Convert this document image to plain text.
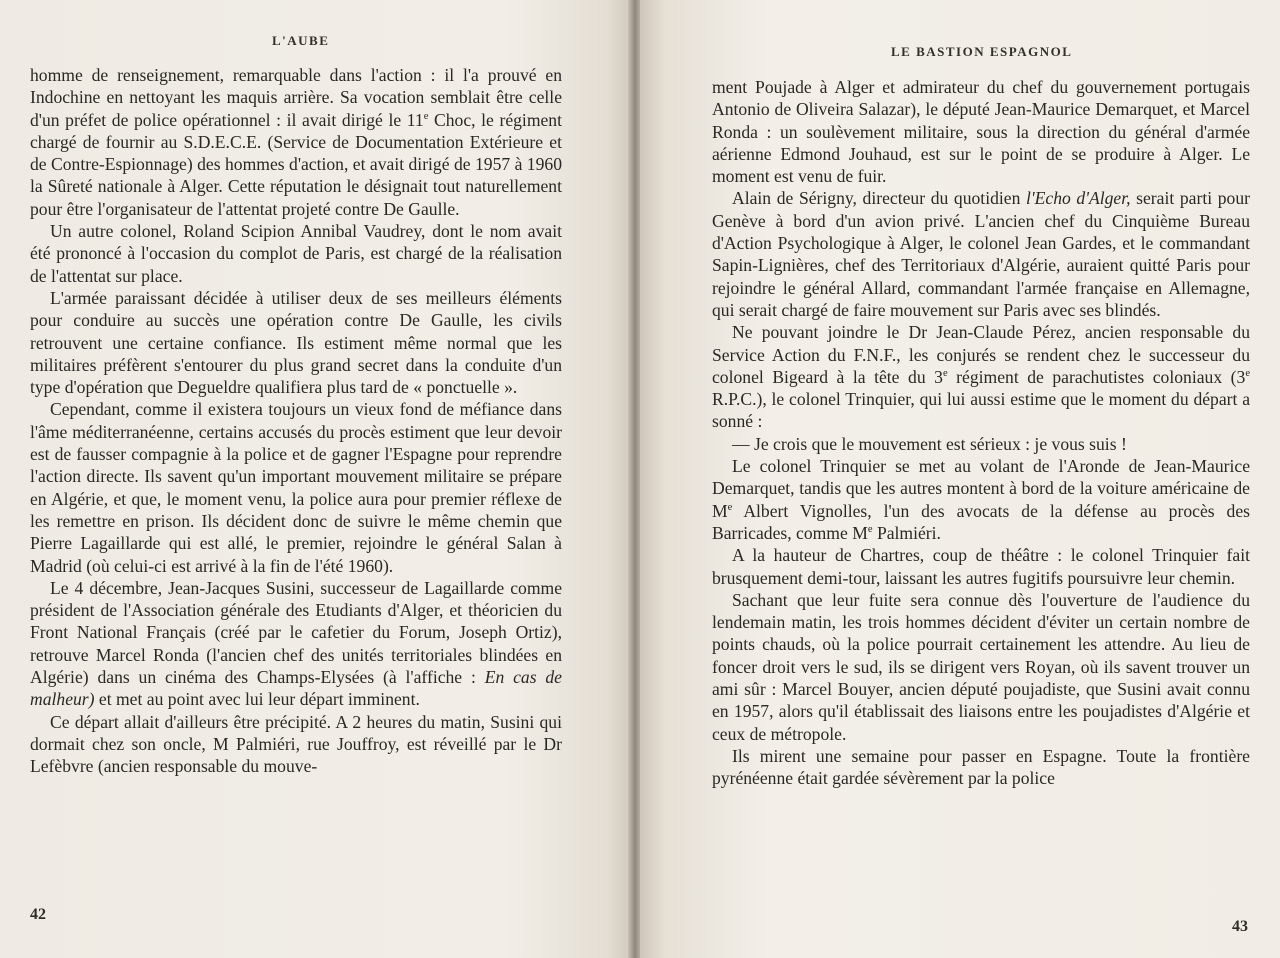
L'AUBE

homme de renseignement, remarquable dans l'action : il l'a prouvé en Indochine en nettoyant les maquis arrière. Sa vocation semblait être celle d'un préfet de police opérationnel : il avait dirigé le 11e Choc, le régiment chargé de fournir au S.D.E.C.E. (Service de Documentation Extérieure et de Contre-Espionnage) des hommes d'action, et avait dirigé de 1957 à 1960 la Sûreté nationale à Alger. Cette réputation le désignait tout naturellement pour être l'organisateur de l'attentat projeté contre De Gaulle.

Un autre colonel, Roland Scipion Annibal Vaudrey, dont le nom avait été prononcé à l'occasion du complot de Paris, est chargé de la réalisation de l'attentat sur place.

L'armée paraissant décidée à utiliser deux de ses meilleurs éléments pour conduire au succès une opération contre De Gaulle, les civils retrouvent une certaine confiance. Ils estiment même normal que les militaires préfèrent s'entourer du plus grand secret dans la conduite d'un type d'opération que Degueldre qualifiera plus tard de « ponctuelle ».

Cependant, comme il existera toujours un vieux fond de méfiance dans l'âme méditerranéenne, certains accusés du procès estiment que leur devoir est de fausser compagnie à la police et de gagner l'Espagne pour reprendre l'action directe. Ils savent qu'un important mouvement militaire se prépare en Algérie, et que, le moment venu, la police aura pour premier réflexe de les remettre en prison. Ils décident donc de suivre le même chemin que Pierre Lagaillarde qui est allé, le premier, rejoindre le général Salan à Madrid (où celui-ci est arrivé à la fin de l'été 1960).

Le 4 décembre, Jean-Jacques Susini, successeur de Lagaillarde comme président de l'Association générale des Etudiants d'Alger, et théoricien du Front National Français (créé par le cafetier du Forum, Joseph Ortiz), retrouve Marcel Ronda (l'ancien chef des unités territoriales blindées en Algérie) dans un cinéma des Champs-Elysées (à l'affiche : En cas de malheur) et met au point avec lui leur départ imminent.

Ce départ allait d'ailleurs être précipité. A 2 heures du matin, Susini qui dormait chez son oncle, M Palmiéri, rue Jouffroy, est réveillé par le Dr Lefèbvre (ancien responsable du mouve-

42
LE BASTION ESPAGNOL

ment Poujade à Alger et admirateur du chef du gouvernement portugais Antonio de Oliveira Salazar), le député Jean-Maurice Demarquet, et Marcel Ronda : un soulèvement militaire, sous la direction du général d'armée aérienne Edmond Jouhaud, est sur le point de se produire à Alger. Le moment est venu de fuir.

Alain de Sérigny, directeur du quotidien l'Echo d'Alger, serait parti pour Genève à bord d'un avion privé. L'ancien chef du Cinquième Bureau d'Action Psychologique à Alger, le colonel Jean Gardes, et le commandant Sapin-Lignières, chef des Territoriaux d'Algérie, auraient quitté Paris pour rejoindre le général Allard, commandant l'armée française en Allemagne, qui serait chargé de faire mouvement sur Paris avec ses blindés.

Ne pouvant joindre le Dr Jean-Claude Pérez, ancien responsable du Service Action du F.N.F., les conjurés se rendent chez le successeur du colonel Bigeard à la tête du 3e régiment de parachutistes coloniaux (3e R.P.C.), le colonel Trinquier, qui lui aussi estime que le moment du départ a sonné :

— Je crois que le mouvement est sérieux : je vous suis !

Le colonel Trinquier se met au volant de l'Aronde de Jean-Maurice Demarquet, tandis que les autres montent à bord de la voiture américaine de Me Albert Vignolles, l'un des avocats de la défense au procès des Barricades, comme Me Palmiéri.

A la hauteur de Chartres, coup de théâtre : le colonel Trinquier fait brusquement demi-tour, laissant les autres fugitifs poursuivre leur chemin.

Sachant que leur fuite sera connue dès l'ouverture de l'audience du lendemain matin, les trois hommes décident d'éviter un certain nombre de points chauds, où la police pourrait certainement les attendre. Au lieu de foncer droit vers le sud, ils se dirigent vers Royan, où ils savent trouver un ami sûr : Marcel Bouyer, ancien député poujadiste, que Susini avait connu en 1957, alors qu'il établissait des liaisons entre les poujadistes d'Algérie et ceux de métropole.

Ils mirent une semaine pour passer en Espagne. Toute la frontière pyrénéenne était gardée sévèrement par la police

43
